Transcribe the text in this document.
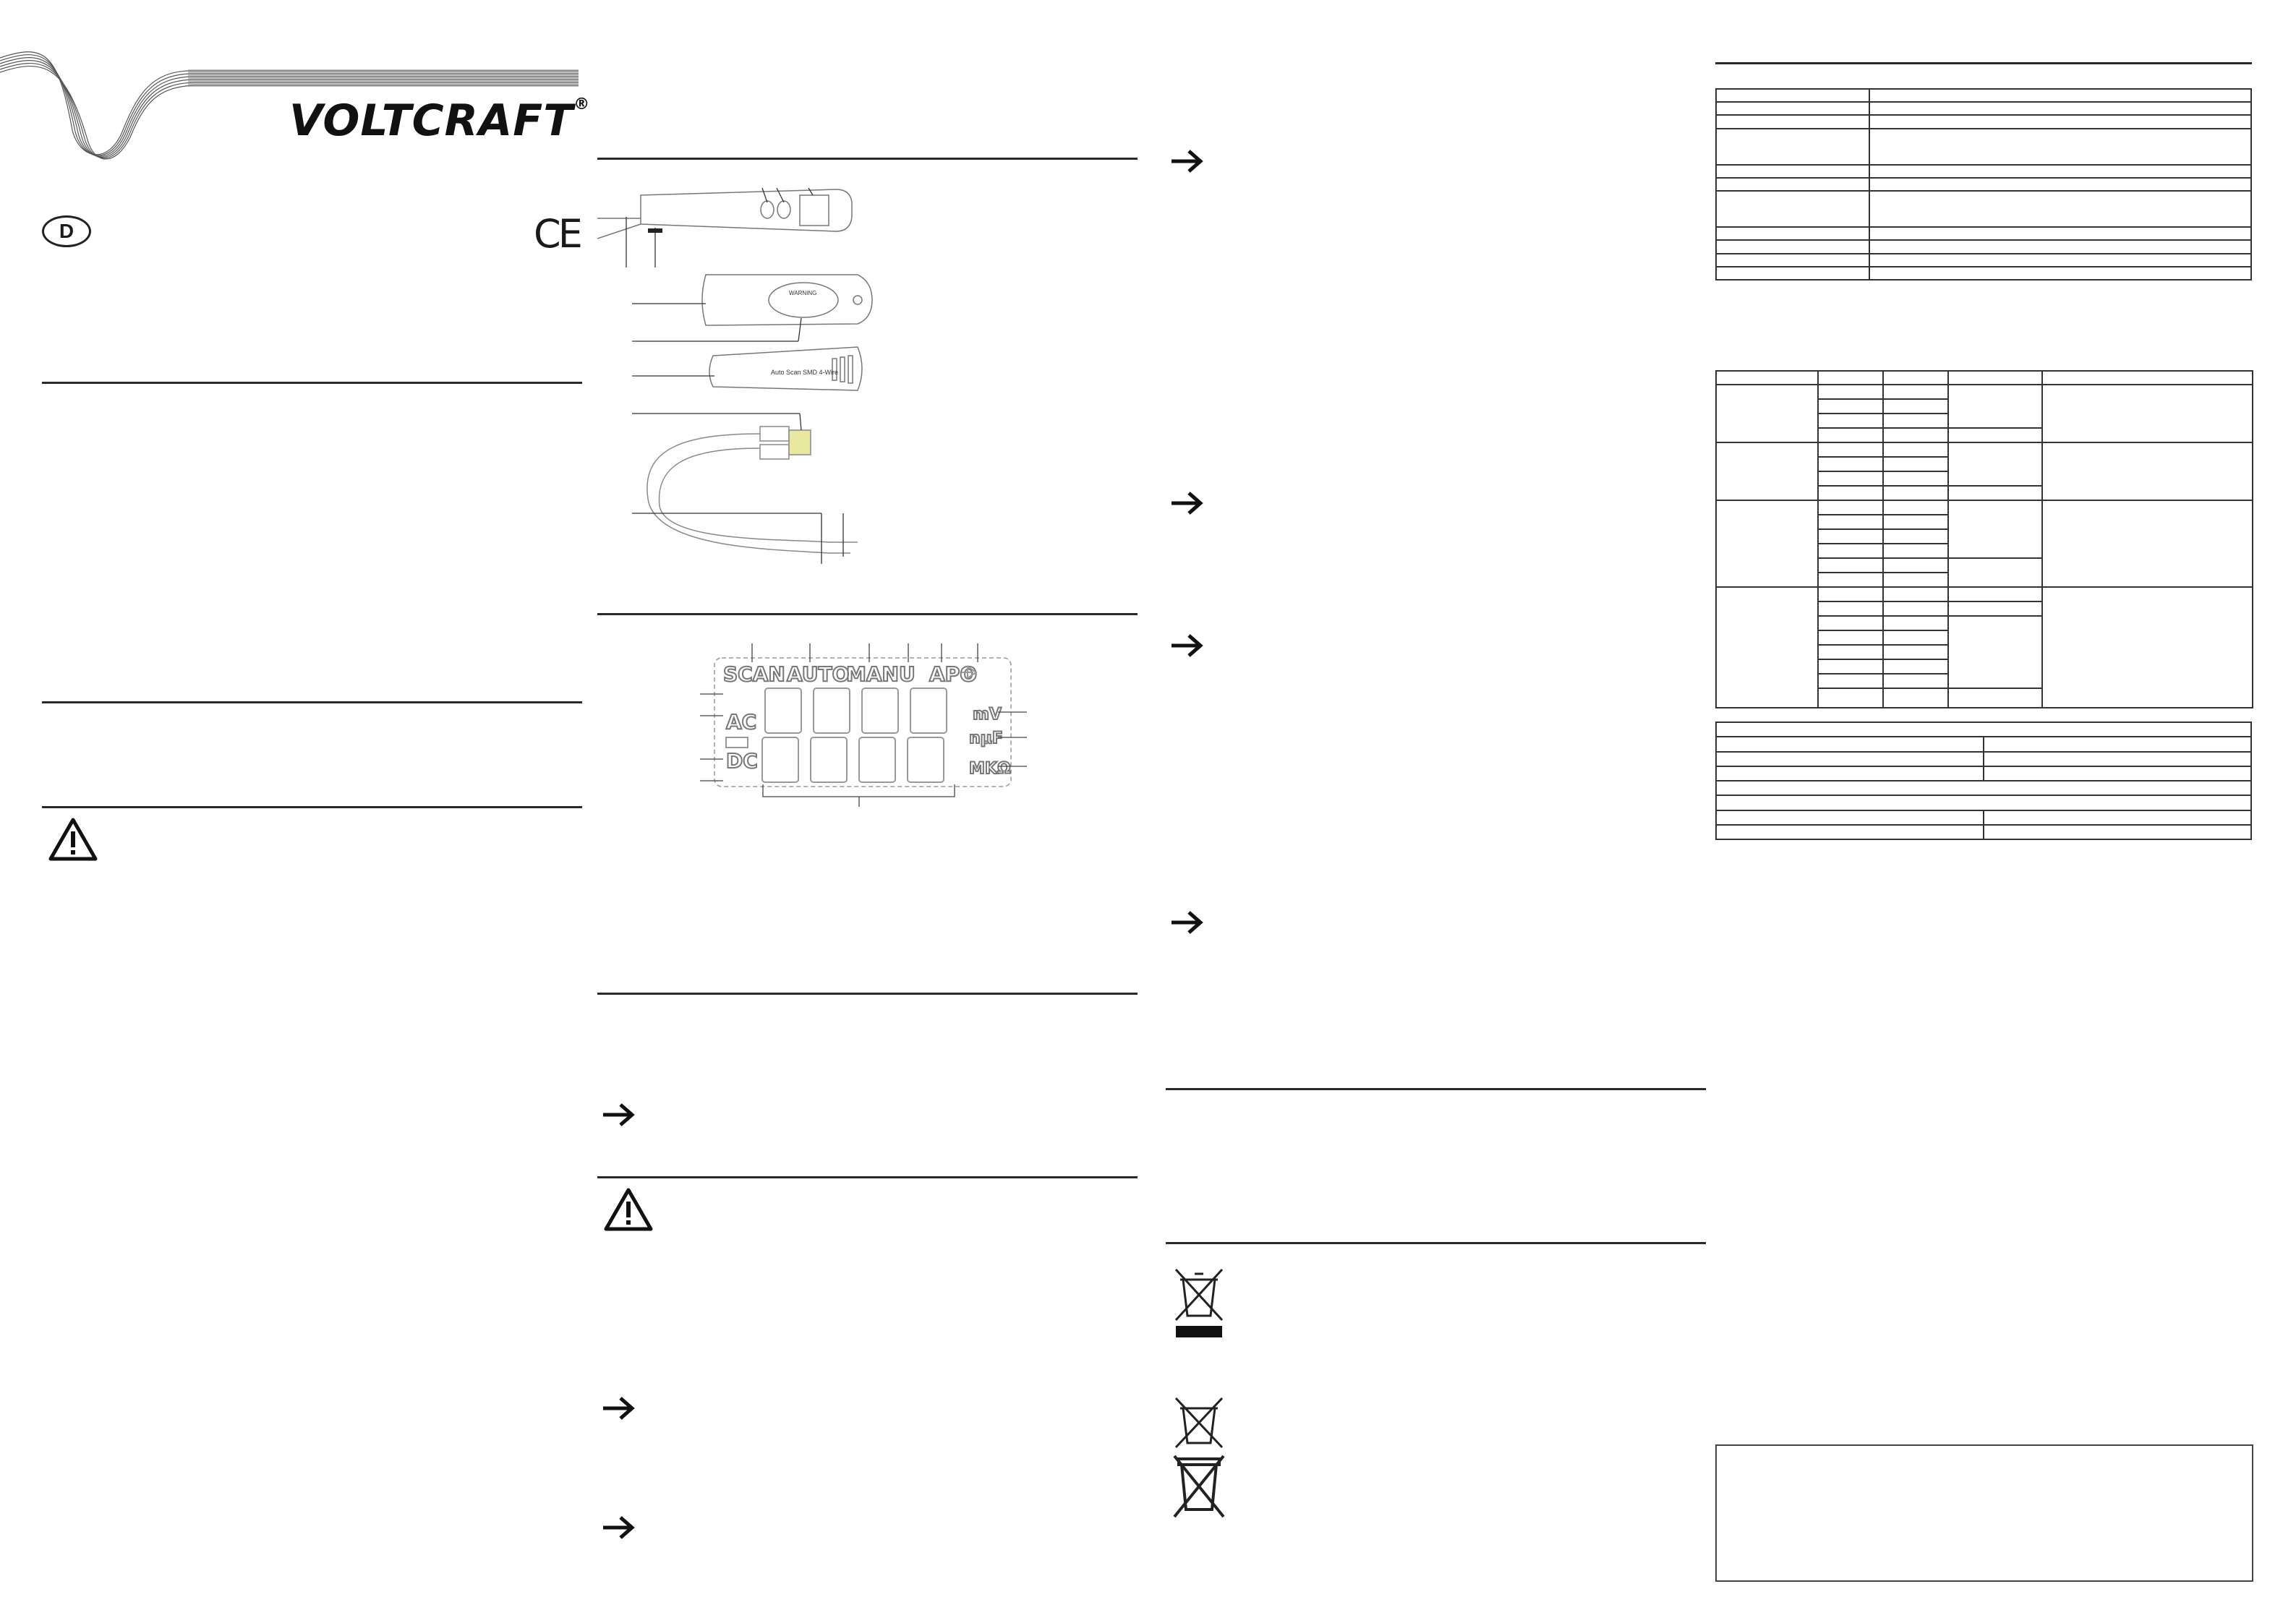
VOLTCRAFT®
D	CE
WARNING
Auto Scan SMD 4-Wire
SCAN AUTO
MANU APO
AC
DC
mV
nμF
MKΩ
